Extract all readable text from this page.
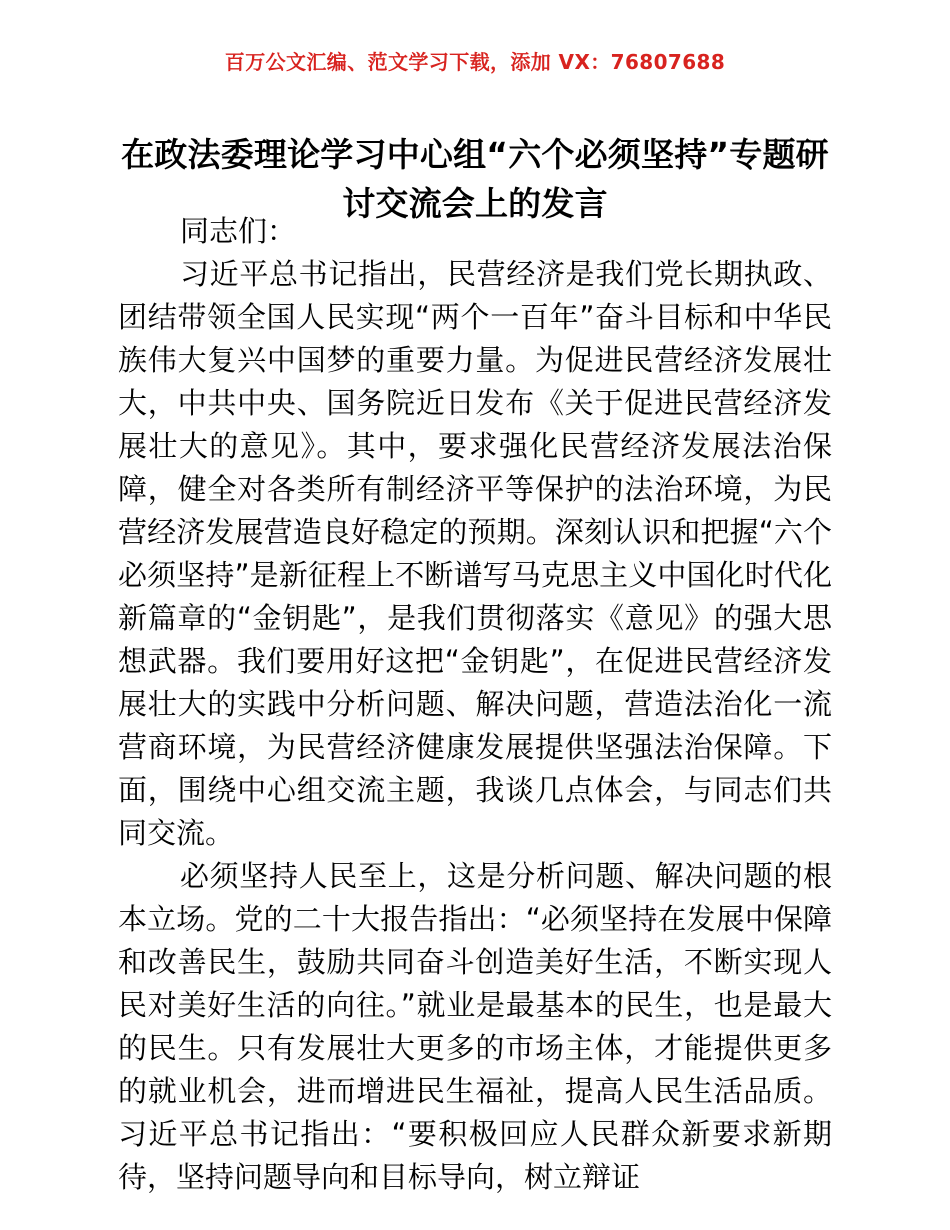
百万公文汇编、范文学习下载，添加 VX：76807688
在政法委理论学习中心组“六个必须坚持”专题研讨交流会上的发言

同志们：

习近平总书记指出，民营经济是我们党长期执政、团结带领全国人民实现“两个一百年”奋斗目标和中华民族伟大复兴中国梦的重要力量。为促进民营经济发展壮大，中共中央、国务院近日发布《关于促进民营经济发展壮大的意见》。其中，要求强化民营经济发展法治保障，健全对各类所有制经济平等保护的法治环境，为民营经济发展营造良好稳定的预期。深刻认识和把握“六个必须坚持”是新征程上不断谱写马克思主义中国化时代化新篇章的“金钥匙”，是我们贯彻落实《意见》的强大思想武器。我们要用好这把“金钥匙”，在促进民营经济发展壮大的实践中分析问题、解决问题，营造法治化一流营商环境，为民营经济健康发展提供坚强法治保障。下面，围绕中心组交流主题，我谈几点体会，与同志们共同交流。

必须坚持人民至上，这是分析问题、解决问题的根本立场。党的二十大报告指出：“必须坚持在发展中保障和改善民生，鼓励共同奋斗创造美好生活，不断实现人民对美好生活的向往。”就业是最基本的民生，也是最大的民生。只有发展壮大更多的市场主体，才能提供更多的就业机会，进而增进民生福祉，提高人民生活品质。习近平总书记指出：“要积极回应人民群众新要求新期待，坚持问题导向和目标导向，树立辩证
